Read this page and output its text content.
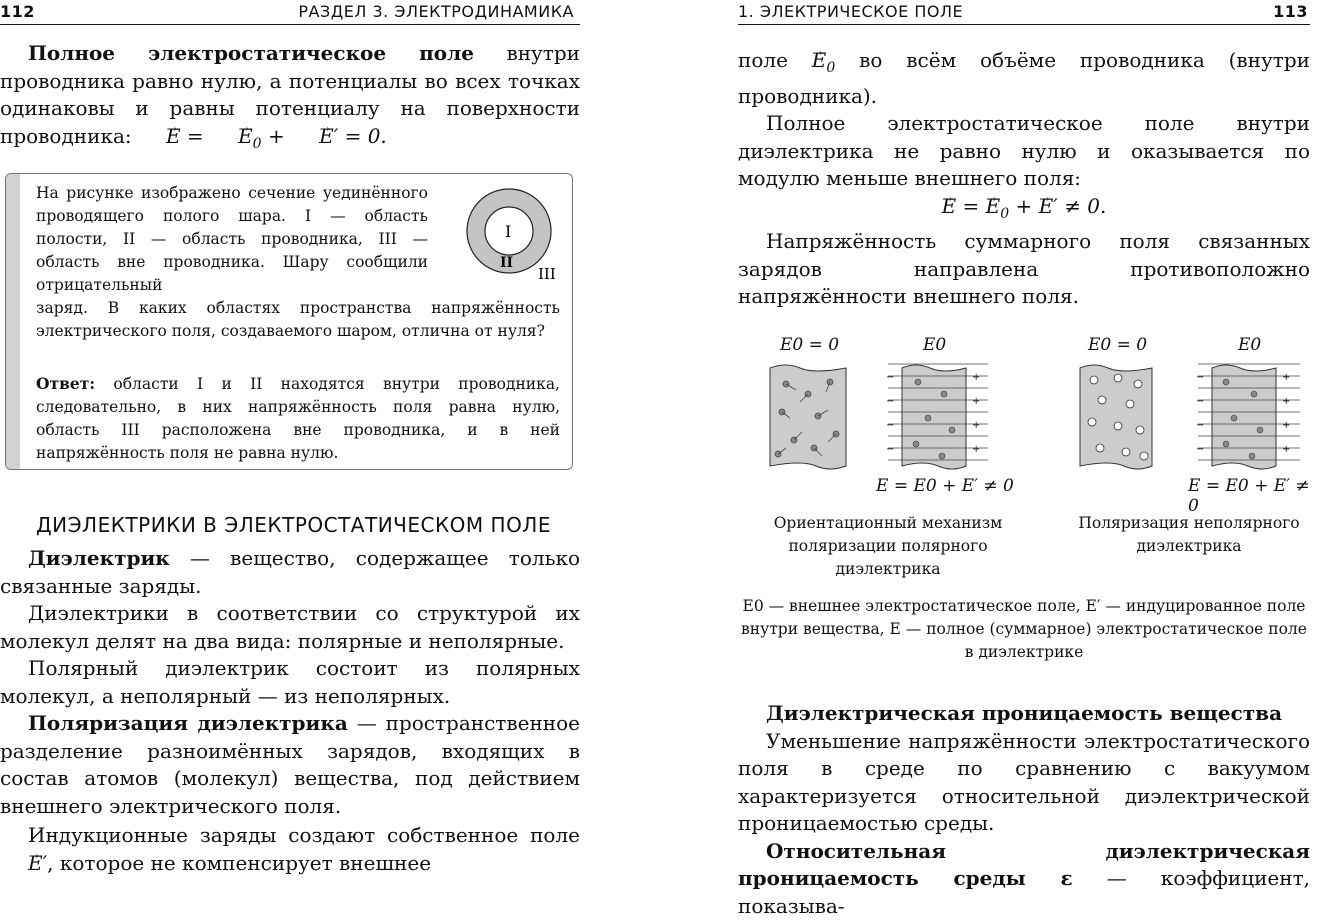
112	РАЗДЕЛ 3. ЭЛЕКТРОДИНАМИКА

Полное электростатическое поле внутри проводника равно нулю, а потенциалы во всех точках одинаковы и равны потенциалу на поверхности проводника: → E = → $E_0$ + → E′ = 0.

На рисунке изображено сечение уединённого проводящего полого шара. I — область полости, II — область проводника, III — область вне проводника. Шару сообщили отрицательный
заряд. В каких областях пространства напряжённость электрического поля, создаваемого шаром, отлична от нуля?
Ответ: области I и II находятся внутри проводника, следовательно, в них напряжённость поля равна нулю, область III расположена вне проводника, и в ней напряжённость поля не равна нулю.
I
II
III
ДИЭЛЕКТРИКИ В ЭЛЕКТРОСТАТИЧЕСКОМ ПОЛЕ

Диэлектрик — вещество, содержащее только связанные заряды.

Диэлектрики в соответствии со структурой их молекул делят на два вида: полярные и неполярные.

Полярный диэлектрик состоит из полярных молекул, а неполярный — из неполярных.

Поляризация диэлектрика — пространственное разделение разноимённых зарядов, входящих в состав атомов (молекул) вещества, под действием внешнего электрического поля.

Индукционные заряды создают собственное поле → E′, которое не компенсирует внешнее

1. ЭЛЕКТРИЧЕСКОЕ ПОЛЕ	113

поле → $E_0$ во всём объёме проводника (внутри проводника).

Полное электростатическое поле внутри диэлектрика не равно нулю и оказывается по модулю меньше внешнего поля:

→ E = → $E_0$ + → E′ ≠ 0.

Напряжённость суммарного поля связанных зарядов направлена противоположно напряжённости внешнего поля.

E0 = 0	E0	E0 = 0	E0
−
−
−
−
+
+
+
+
−
−
−
−
+
+
+
+
E = E0 + E′ ≠ 0	E = E0 + E′ ≠ 0
Ориентационный механизм поляризации полярного диэлектрика
Поляризация неполярного диэлектрика
E0 — внешнее электростатическое поле, E′ — индуцированное поле внутри вещества, E — полное (суммарное) электростатическое поле в диэлектрике

Диэлектрическая проницаемость вещества

Уменьшение напряжённости электростатического поля в среде по сравнению с вакуумом характеризуется относительной диэлектрической проницаемостью среды.

Относительная диэлектрическая проницаемость среды ε — коэффициент, показыва-
